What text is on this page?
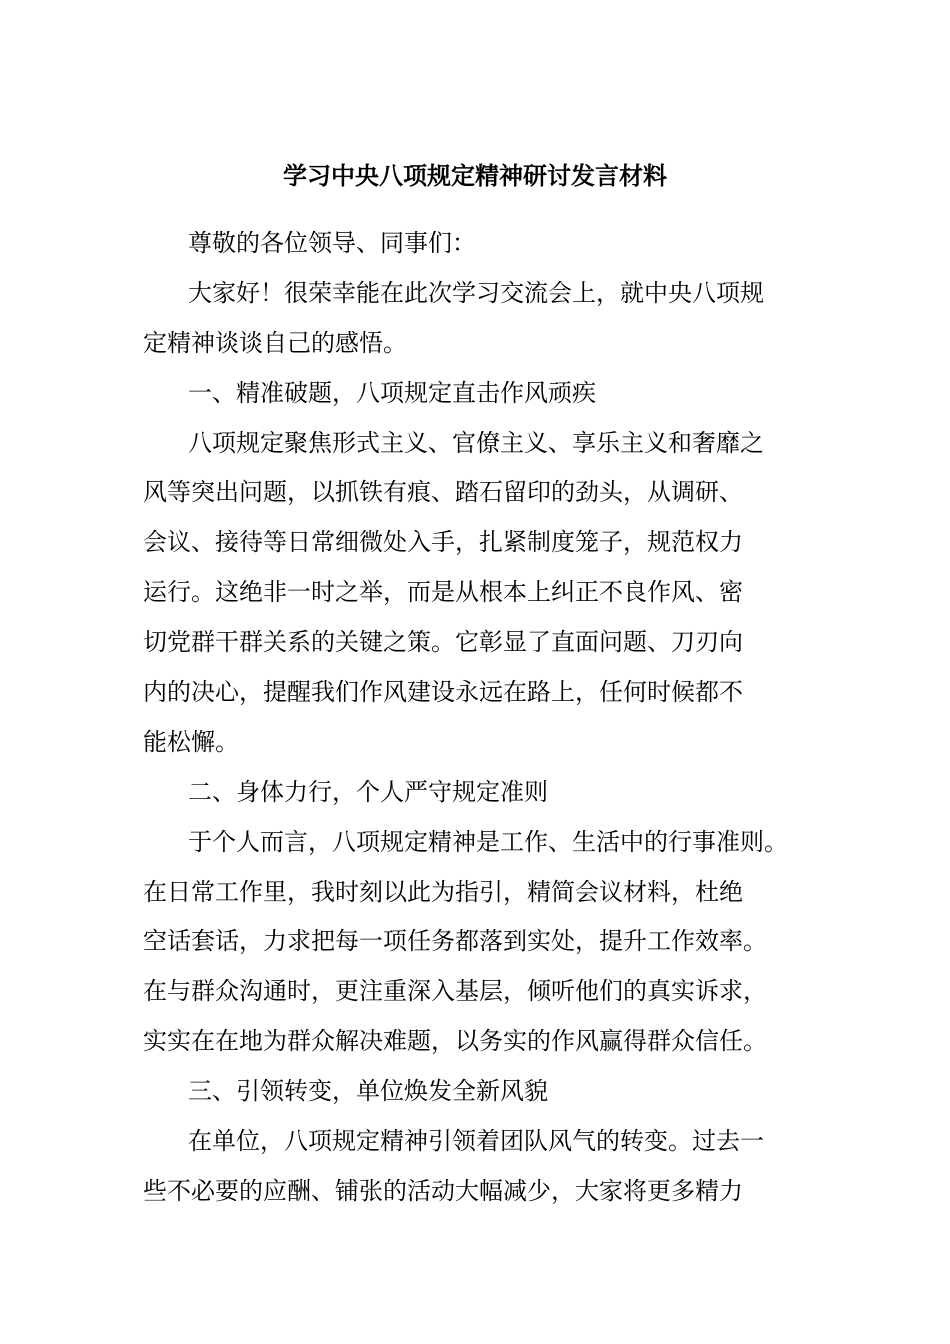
学习中央八项规定精神研讨发言材料
尊敬的各位领导、同事们：
大家好！很荣幸能在此次学习交流会上，就中央八项规
定精神谈谈自己的感悟。
一、精准破题，八项规定直击作风顽疾
八项规定聚焦形式主义、官僚主义、享乐主义和奢靡之
风等突出问题，以抓铁有痕、踏石留印的劲头，从调研、
会议、接待等日常细微处入手，扎紧制度笼子，规范权力
运行。这绝非一时之举，而是从根本上纠正不良作风、密
切党群干群关系的关键之策。它彰显了直面问题、刀刃向
内的决心，提醒我们作风建设永远在路上，任何时候都不
能松懈。
二、身体力行，个人严守规定准则
于个人而言，八项规定精神是工作、生活中的行事准则。
在日常工作里，我时刻以此为指引，精简会议材料，杜绝
空话套话，力求把每一项任务都落到实处，提升工作效率。
在与群众沟通时，更注重深入基层，倾听他们的真实诉求，
实实在在地为群众解决难题，以务实的作风赢得群众信任。
三、引领转变，单位焕发全新风貌
在单位，八项规定精神引领着团队风气的转变。过去一
些不必要的应酬、铺张的活动大幅减少，大家将更多精力
